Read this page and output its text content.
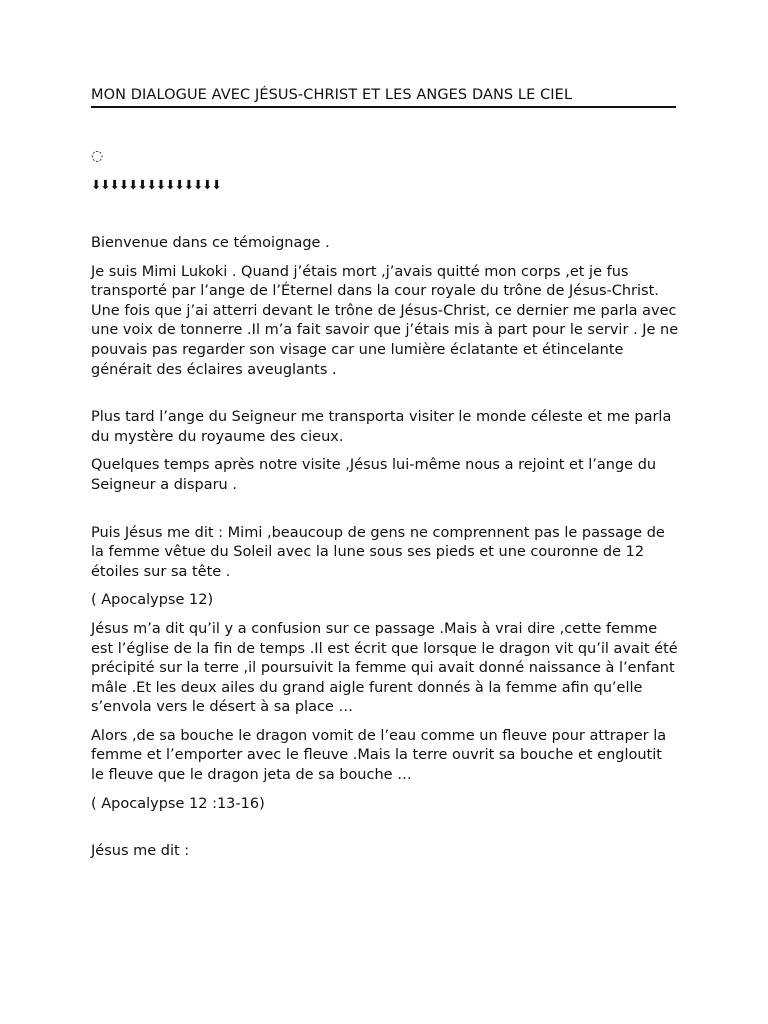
MON DIALOGUE AVEC JÉSUS-CHRIST ET LES ANGES DANS LE CIEL
◌
⬇⬇⬇⬇⬇⬇⬇⬇⬇⬇⬇⬇⬇⬇

Bienvenue dans ce témoignage .

Je suis Mimi Lukoki . Quand j’étais mort ,j’avais quitté mon corps ,et je fus transporté par l’ange de l’Éternel dans la cour royale du trône de Jésus-Christ. Une fois que j’ai atterri devant le trône de Jésus-Christ, ce dernier me parla avec une voix de tonnerre .Il m’a fait savoir que j’étais mis à part pour le servir . Je ne pouvais pas regarder son visage car une lumière éclatante et étincelante générait des éclaires aveuglants .

Plus tard l’ange du Seigneur me transporta visiter le monde céleste et me parla du mystère du royaume des cieux.

Quelques temps après notre visite ,Jésus lui-même nous a rejoint et l’ange du Seigneur a disparu .

Puis Jésus me dit : Mimi ,beaucoup de gens ne comprennent pas le passage de la femme vêtue du Soleil avec la lune sous ses pieds et une couronne de 12 étoiles sur sa tête .

( Apocalypse 12)

Jésus m’a dit qu’il y a confusion sur ce passage .Mais à vrai dire ,cette femme est l’église de la fin de temps .Il est écrit que lorsque le dragon vit qu’il avait été précipité sur la terre ,il poursuivit la femme qui avait donné naissance à l’enfant mâle .Et les deux ailes du grand aigle furent donnés à la femme afin qu’elle s’envola vers le désert à sa place …

Alors ,de sa bouche le dragon vomit de l’eau comme un fleuve pour attraper la femme et l’emporter avec le fleuve .Mais la terre ouvrit sa bouche et engloutit le fleuve que le dragon jeta de sa bouche …

( Apocalypse 12 :13-16)

Jésus me dit :
